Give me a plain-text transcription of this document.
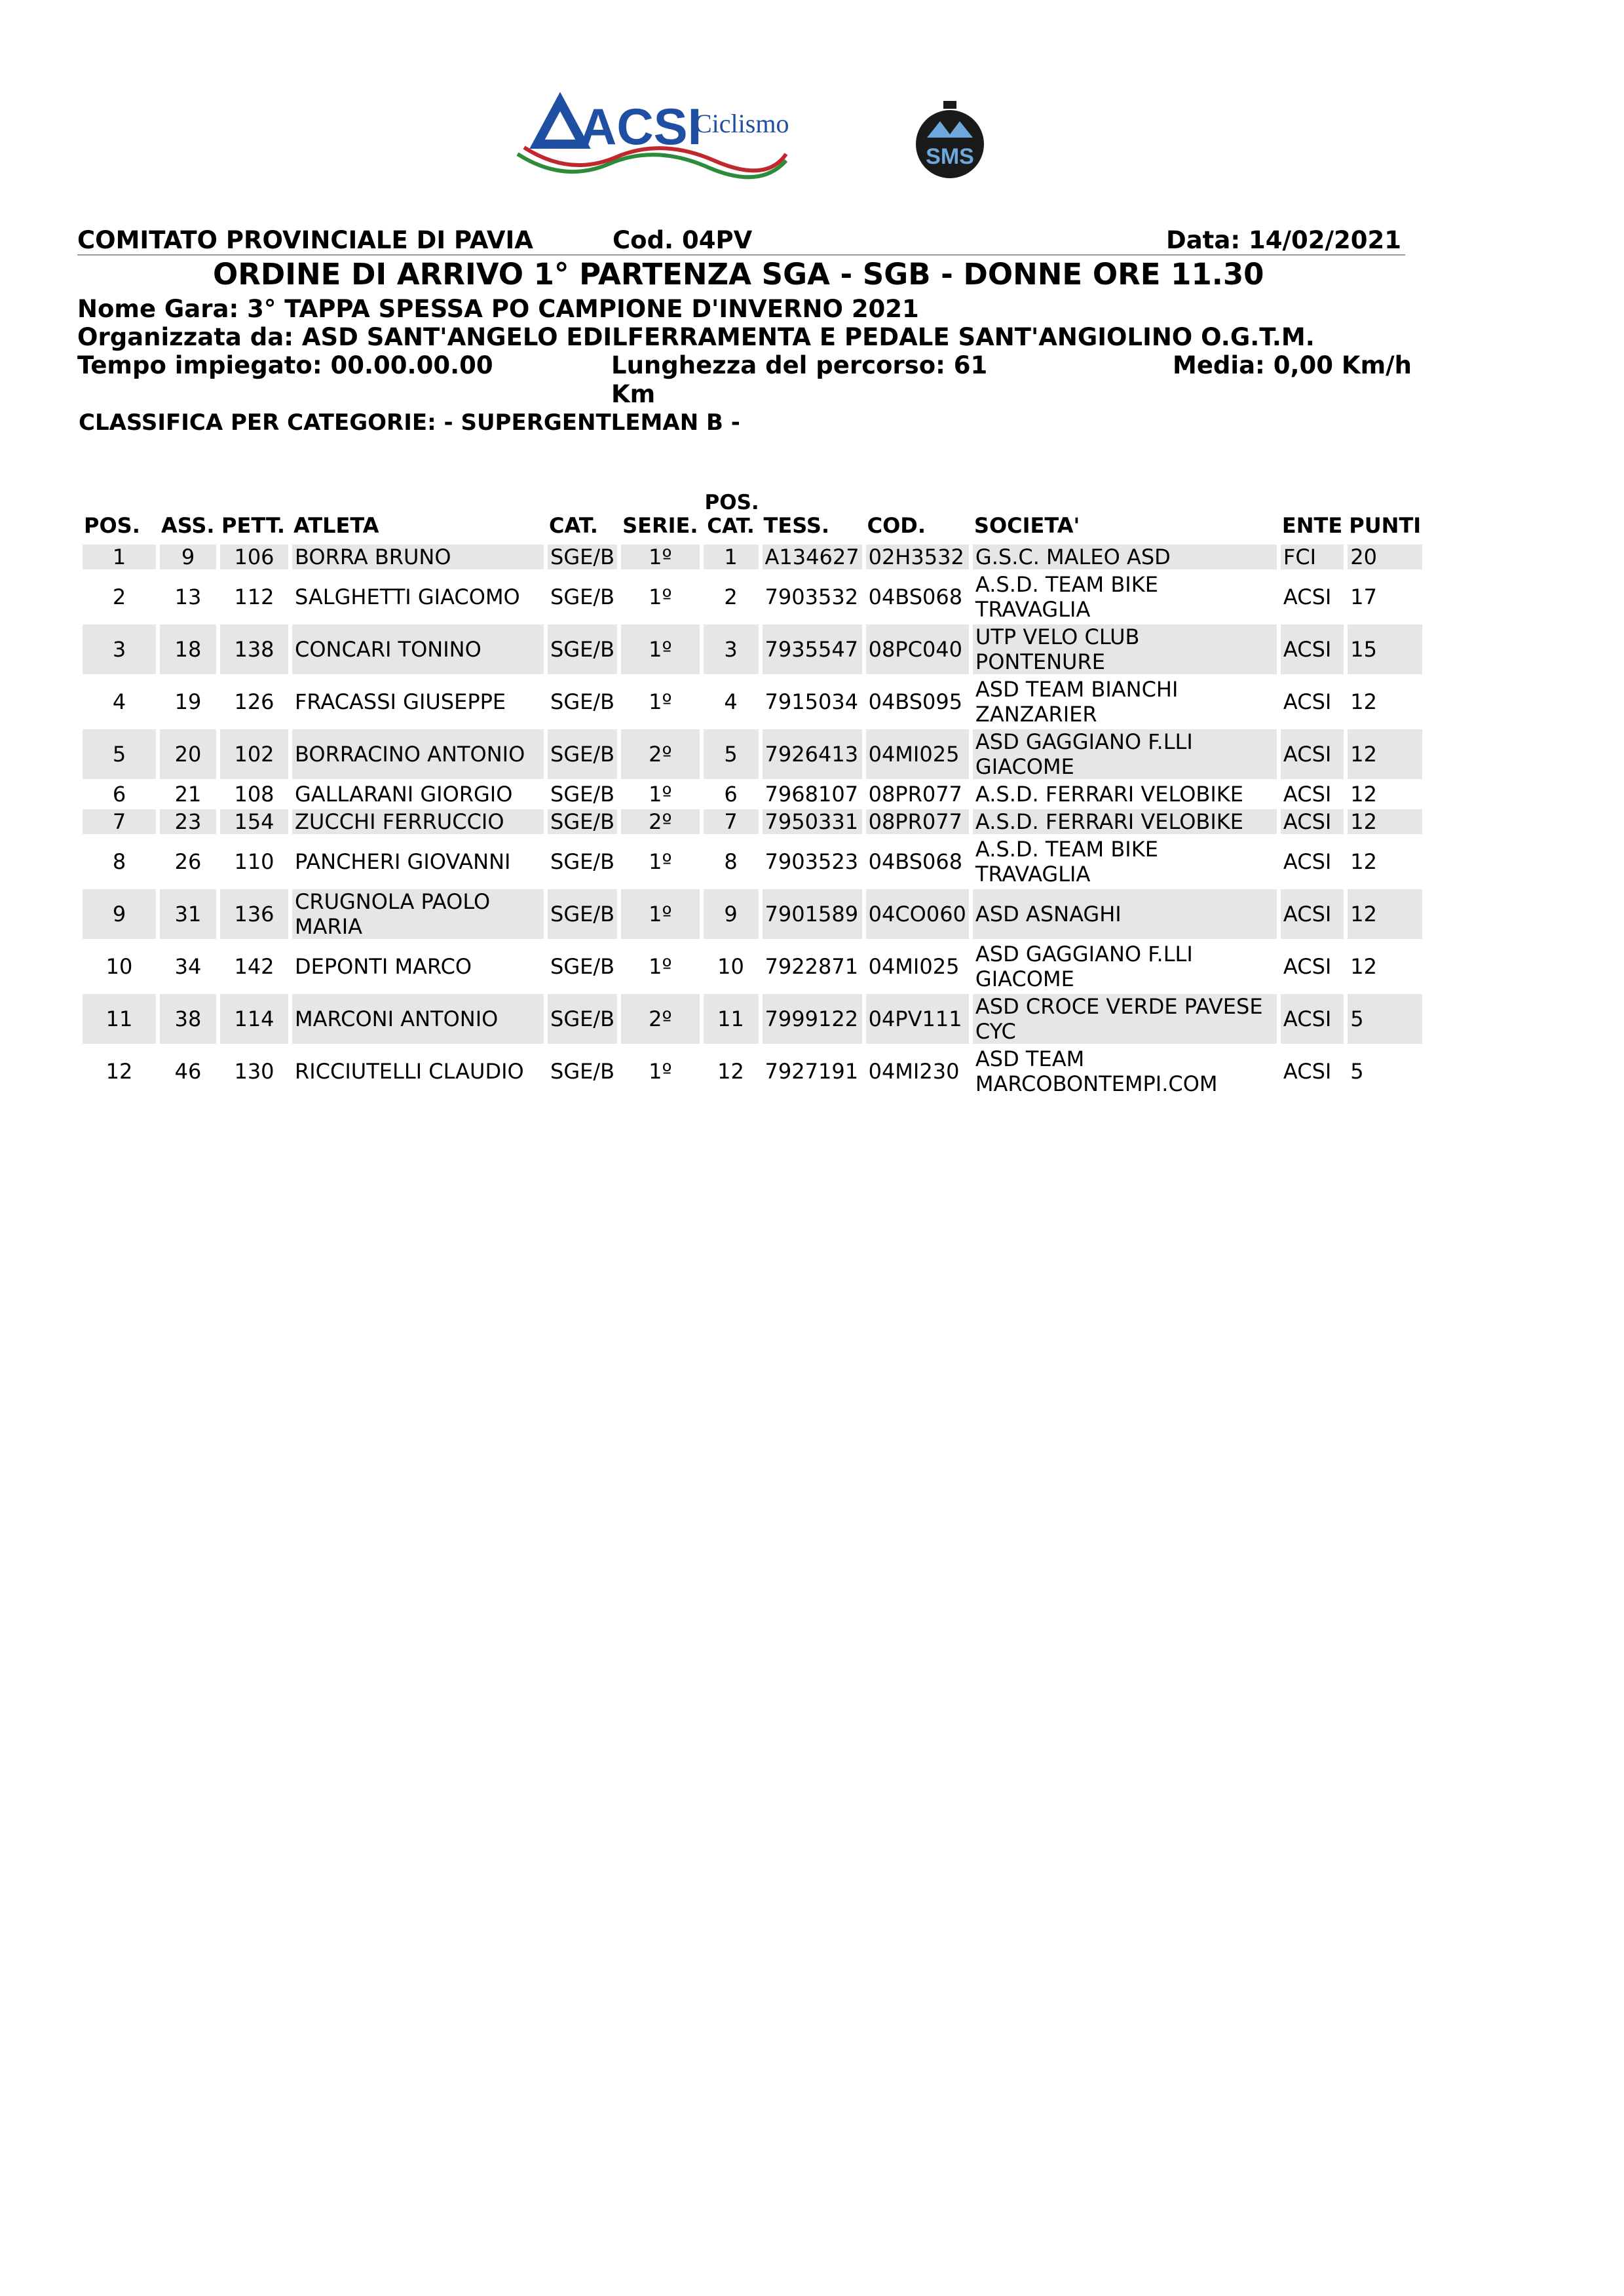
ACSI
Ciclismo
SMS
COMITATO PROVINCIALE DI PAVIA	Cod. 04PV	Data: 14/02/2021
ORDINE DI ARRIVO 1° PARTENZA SGA - SGB - DONNE ORE 11.30
Nome Gara: 3° TAPPA SPESSA PO CAMPIONE D'INVERNO 2021
Organizzata da: ASD SANT'ANGELO EDILFERRAMENTA E PEDALE SANT'ANGIOLINO O.G.T.M.
Tempo impiegato: 00.00.00.00	Lunghezza del percorso: 61 Km
Media: 0,00 Km/h
CLASSIFICA PER CATEGORIE: - SUPERGENTLEMAN B -
POS.	ASS.	PETT.	ATLETA	CAT.	SERIE.	POS. CAT.	TESS.	COD.	SOCIETA'	ENTE	PUNTI
1	9	106	BORRA BRUNO	SGE/B	1º	1	A134627	02H3532	G.S.C. MALEO ASD	FCI	20
2	13	112	SALGHETTI GIACOMO	SGE/B	1º	2	7903532	04BS068	A.S.D. TEAM BIKE TRAVAGLIA	ACSI	17
3	18	138	CONCARI TONINO	SGE/B	1º	3	7935547	08PC040	UTP VELO CLUB PONTENURE	ACSI	15
4	19	126	FRACASSI GIUSEPPE	SGE/B	1º	4	7915034	04BS095	ASD TEAM BIANCHI ZANZARIER	ACSI	12
5	20	102	BORRACINO ANTONIO	SGE/B	2º	5	7926413	04MI025	ASD GAGGIANO F.LLI GIACOME	ACSI	12
6	21	108	GALLARANI GIORGIO	SGE/B	1º	6	7968107	08PR077	A.S.D. FERRARI VELOBIKE	ACSI	12
7	23	154	ZUCCHI FERRUCCIO	SGE/B	2º	7	7950331	08PR077	A.S.D. FERRARI VELOBIKE	ACSI	12
8	26	110	PANCHERI GIOVANNI	SGE/B	1º	8	7903523	04BS068	A.S.D. TEAM BIKE TRAVAGLIA	ACSI	12
9	31	136	CRUGNOLA PAOLO MARIA	SGE/B	1º	9	7901589	04CO060	ASD ASNAGHI	ACSI	12
10	34	142	DEPONTI MARCO	SGE/B	1º	10	7922871	04MI025	ASD GAGGIANO F.LLI GIACOME	ACSI	12
11	38	114	MARCONI ANTONIO	SGE/B	2º	11	7999122	04PV111	ASD CROCE VERDE PAVESE CYC	ACSI	5
12	46	130	RICCIUTELLI CLAUDIO	SGE/B	1º	12	7927191	04MI230	ASD TEAM MARCOBONTEMPI.COM	ACSI	5
